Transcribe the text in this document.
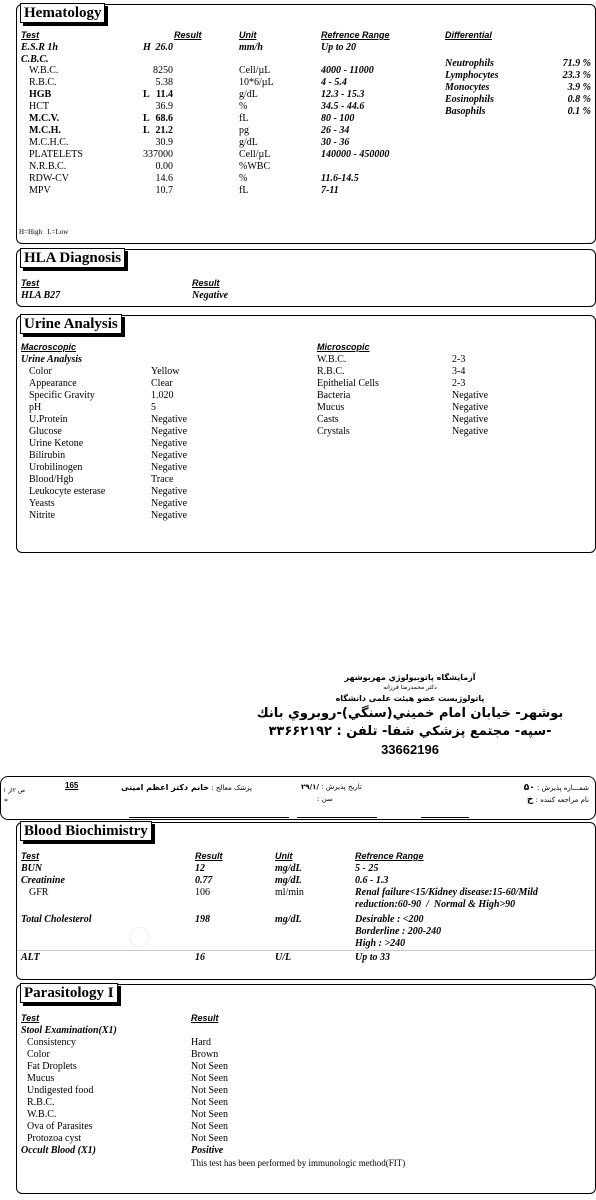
Hematology
Test	Result	Unit	Refrence Range	Differential
E.S.R 1h	H 26.0	mm/h	Up to 20
C.B.C.
W.B.C.	8250	Cell/µL	4000 - 11000
R.B.C.	5.38	10*6/µL	4 - 5.4
HGB	L 11.4	g/dL	12.3 - 15.3
HCT	36.9	%	34.5 - 44.6
M.C.V.	L 68.6	fL	80 - 100
M.C.H.	L 21.2	pg	26 - 34
M.C.H.C.	30.9	g/dL	30 - 36
PLATELETS	337000	Cell/µL	140000 - 450000
N.R.B.C.	0.00	%WBC
RDW-CV	14.6	%	11.6-14.5
MPV	10.7	fL	7-11
Neutrophils	71.9 %
Lymphocytes	23.3 %
Monocytes	3.9 %
Eosinophils	0.8 %
Basophils	0.1 %
H=High   L=Low
HLA Diagnosis
Test	Result
HLA B27	Negative
Urine Analysis
Macroscopic	Microscopic
Urine Analysis
Color	Yellow
Appearance	Clear
Specific Gravity	1.020
pH	5
U.Protein	Negative
Glucose	Negative
Urine Ketone	Negative
Bilirubin	Negative
Urobilinogen	Negative
Blood/Hgb	Trace
Leukocyte esterase	Negative
Yeasts	Negative
Nitrite	Negative
W.B.C.	2-3
R.B.C.	3-4
Epithelial Cells	2-3
Bacteria	Negative
Mucus	Negative
Casts	Negative
Crystals	Negative
آزمايشگاه پاتوبيولوژي مهربوشهر
دكتر محمدرضا فرزانه
پاتولوژیست عضو هیئت علمی دانشگاه
بوشهر- خيابان امام خميني(سنگي)-روبروي بانك
-سپه- مجتمع پزشكي شفا- تلفن : ۳۳۶۶۲۱۹۲
33662196
شمـــاره پذیرش : ۵۰
نام مراجعه کننده : خ
تاریخ پذیرش : /۲۹/۱
سن :
پزشک معالج : خانم دکتر اعظم امینی
165
ص ۲از ۱
*
Blood Biochimistry
Test	Result	Unit	Refrence Range
BUN	12	mg/dL	5 - 25
Creatinine	0.77	mg/dL	0.6 - 1.3
GFR	106	ml/min	Renal failure<15/Kidney disease:15-60/Mild
reduction:60-90  /  Normal & High>90
Total Cholesterol	198	mg/dL	Desirable : <200
Borderline : 200-240
High : >240
ALT	16	U/L	Up to 33
Parasitology I
Test	Result
Stool Examination(X1)
Consistency	Hard
Color	Brown
Fat Droplets	Not Seen
Mucus	Not Seen
Undigested food	Not Seen
R.B.C.	Not Seen
W.B.C.	Not Seen
Ova of Parasites	Not Seen
Protozoa cyst	Not Seen
Occult Blood (X1)	Positive
This test has been performed by immunologic method(FIT)
